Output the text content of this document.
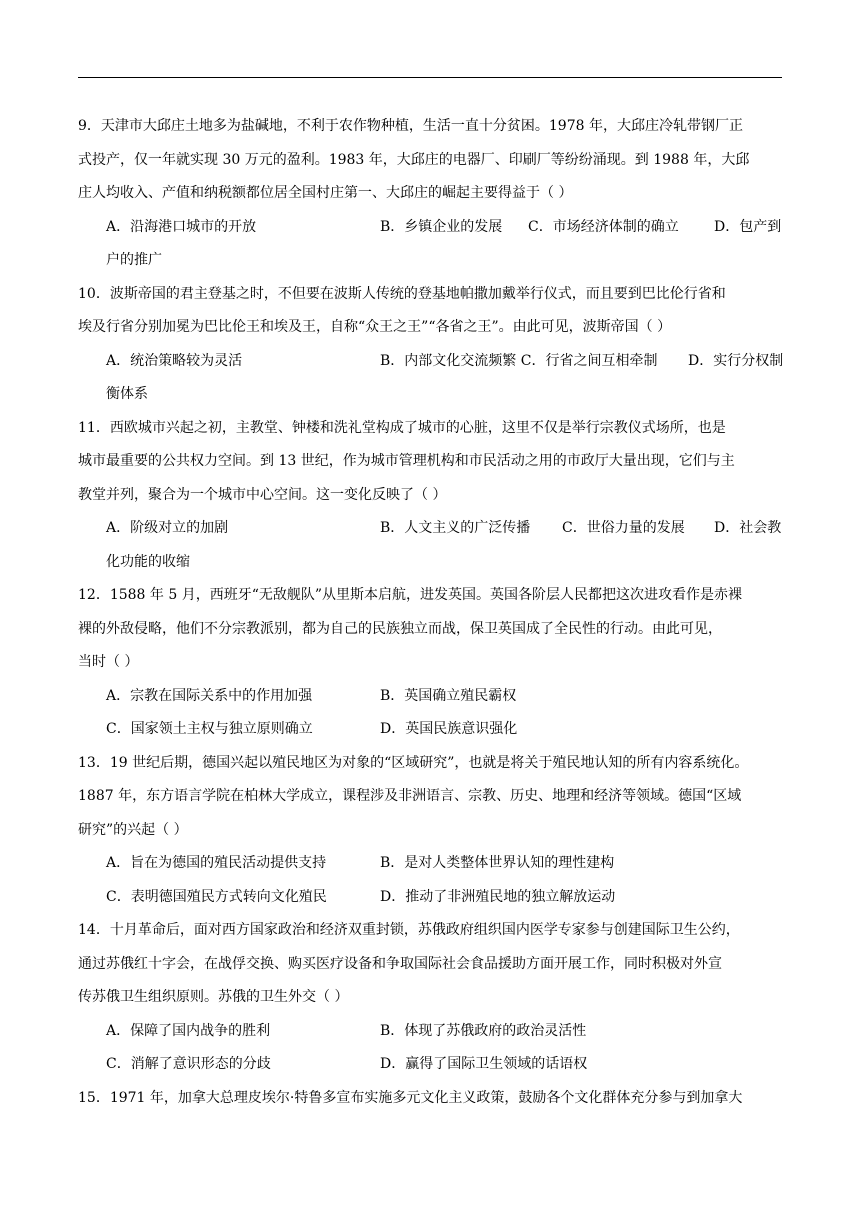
9．天津市大邱庄土地多为盐碱地，不利于农作物种植，生活一直十分贫困。1978 年，大邱庄冷轧带钢厂正
式投产，仅一年就实现 30 万元的盈利。1983 年，大邱庄的电器厂、印刷厂等纷纷涌现。到 1988 年，大邱
庄人均收入、产值和纳税额都位居全国村庄第一、大邱庄的崛起主要得益于（ ）
A．沿海港口城市的开放	B．乡镇企业的发展 C．市场经济体制的确立	D．包产到
户的推广
10．波斯帝国的君主登基之时，不但要在波斯人传统的登基地帕撒加戴举行仪式，而且要到巴比伦行省和
埃及行省分别加冕为巴比伦王和埃及王，自称“众王之王”“各省之王”。由此可见，波斯帝国（ ）
A．统治策略较为灵活	B．内部文化交流频繁 C．行省之间互相牵制 D．实行分权制
衡体系
11．西欧城市兴起之初，主教堂、钟楼和洗礼堂构成了城市的心脏，这里不仅是举行宗教仪式场所，也是
城市最重要的公共权力空间。到 13 世纪，作为城市管理机构和市民活动之用的市政厅大量出现，它们与主
教堂并列，聚合为一个城市中心空间。这一变化反映了（ ）
A．阶级对立的加剧	B．人文主义的广泛传播 C．世俗力量的发展 D．社会教
化功能的收缩
12．1588 年 5 月，西班牙“无敌舰队”从里斯本启航，进发英国。英国各阶层人民都把这次进攻看作是赤裸
裸的外敌侵略，他们不分宗教派别，都为自己的民族独立而战，保卫英国成了全民性的行动。由此可见，
当时（ ）
A．宗教在国际关系中的作用加强	B．英国确立殖民霸权
C．国家领土主权与独立原则确立	D．英国民族意识强化
13．19 世纪后期，德国兴起以殖民地区为对象的“区域研究”，也就是将关于殖民地认知的所有内容系统化。
1887 年，东方语言学院在柏林大学成立，课程涉及非洲语言、宗教、历史、地理和经济等领域。德国“区域
研究”的兴起（ ）
A．旨在为德国的殖民活动提供支持	B．是对人类整体世界认知的理性建构
C．表明德国殖民方式转向文化殖民	D．推动了非洲殖民地的独立解放运动
14．十月革命后，面对西方国家政治和经济双重封锁，苏俄政府组织国内医学专家参与创建国际卫生公约，
通过苏俄红十字会，在战俘交换、购买医疗设备和争取国际社会食品援助方面开展工作，同时积极对外宣
传苏俄卫生组织原则。苏俄的卫生外交（ ）
A．保障了国内战争的胜利	B．体现了苏俄政府的政治灵活性
C．消解了意识形态的分歧	D．赢得了国际卫生领域的话语权
15．1971 年，加拿大总理皮埃尔·特鲁多宣布实施多元文化主义政策，鼓励各个文化群体充分参与到加拿大
